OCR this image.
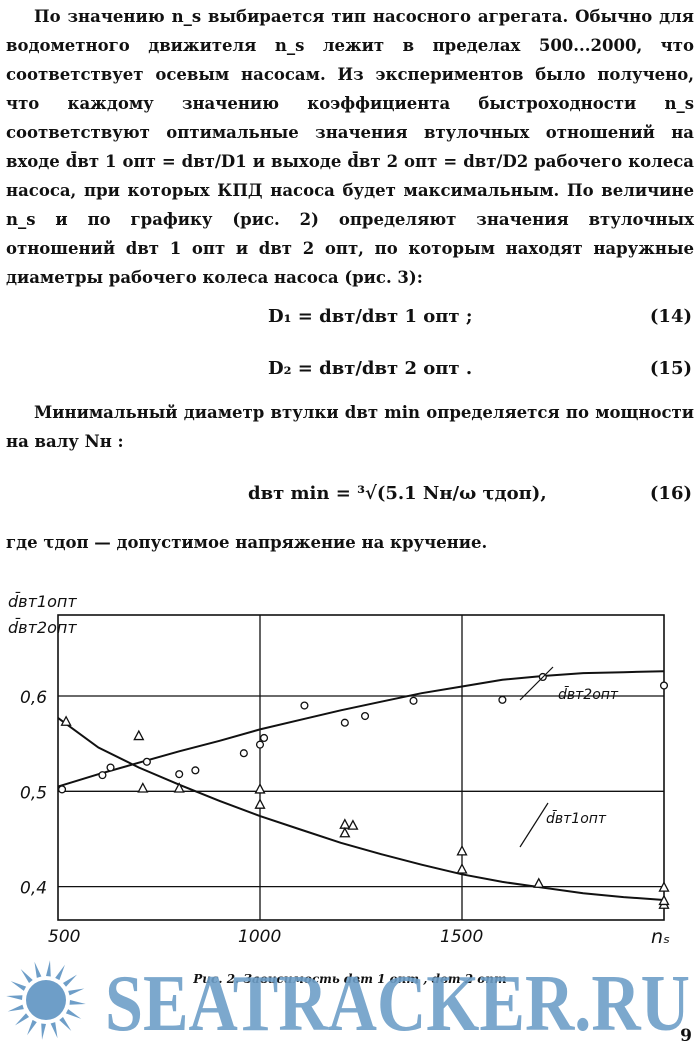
По значению n_s выбирается тип насосного агрегата. Обычно для водометного движителя n_s лежит в пределах 500...2000, что соответствует осевым насосам. Из экспериментов было получено, что каждому значению коэффициента быстроходности n_s соответствуют оптимальные значения втулочных отношений на входе d̄вт 1 опт = dвт/D1 и выходе d̄вт 2 опт = dвт/D2 рабочего колеса насоса, при которых КПД насоса будет максимальным. По величине n_s и по графику (рис. 2) определяют значения втулочных отношений dвт 1 опт и dвт 2 опт, по которым находят наружные диаметры рабочего колеса насоса (рис. 3):

D₁ = dвт/dвт 1 опт ;	(14)
D₂ = dвт/dвт 2 опт .	(15)

Минимальный диаметр втулки dвт min определяется по мощности на валу Nн :

dвт min = ³√(5.1 Nн/ω τдоп),	(16)

где τдоп — допустимое напряжение на кручение.

500	1000	1500
0,4
0,5
0,6
d̄вт1опт
d̄вт2опт
d̄вт2опт
d̄вт1опт
nₛ
Рис. 2. Зависимость dвт 1 опт , dвт 2 опт
SEATRACKER.RU
9
